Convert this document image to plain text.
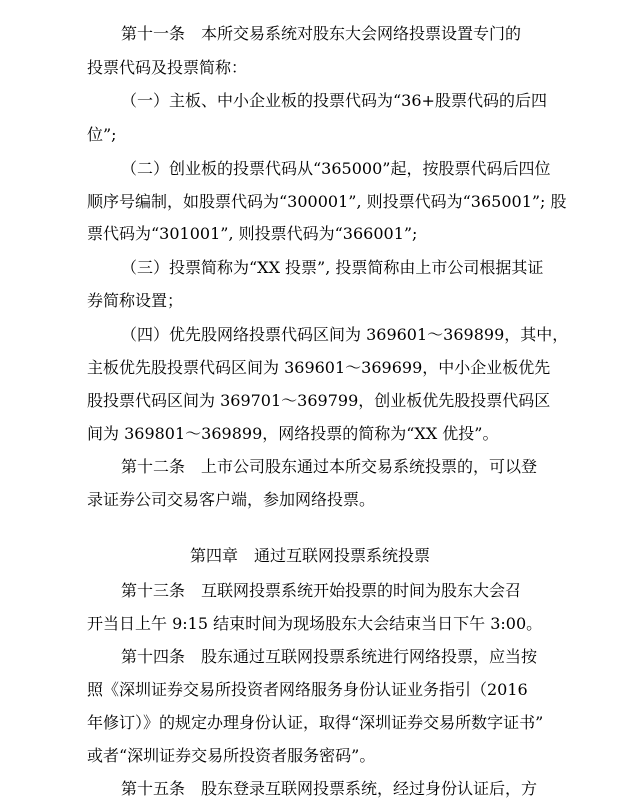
第十一条　本所交易系统对股东大会网络投票设置专门的
投票代码及投票简称：
（一）主板、中小企业板的投票代码为“36+股票代码的后四
位”;
（二）创业板的投票代码从“365000”起，按股票代码后四位
顺序号编制，如股票代码为“300001”, 则投票代码为“365001”; 股
票代码为“301001”, 则投票代码为“366001”;
（三）投票简称为“XX 投票”, 投票简称由上市公司根据其证
券简称设置；
（四）优先股网络投票代码区间为 369601～369899，其中，
主板优先股投票代码区间为 369601～369699，中小企业板优先
股投票代码区间为 369701～369799，创业板优先股投票代码区
间为 369801～369899，网络投票的简称为“XX 优投”。
第十二条　上市公司股东通过本所交易系统投票的，可以登
录证券公司交易客户端，参加网络投票。
第四章　通过互联网投票系统投票
第十三条　互联网投票系统开始投票的时间为股东大会召
开当日上午 9:15 结束时间为现场股东大会结束当日下午 3:00。
第十四条　股东通过互联网投票系统进行网络投票，应当按
照《深圳证券交易所投资者网络服务身份认证业务指引（2016
年修订）》的规定办理身份认证，取得“深圳证券交易所数字证书”
或者“深圳证券交易所投资者服务密码”。
第十五条　股东登录互联网投票系统，经过身份认证后，方
